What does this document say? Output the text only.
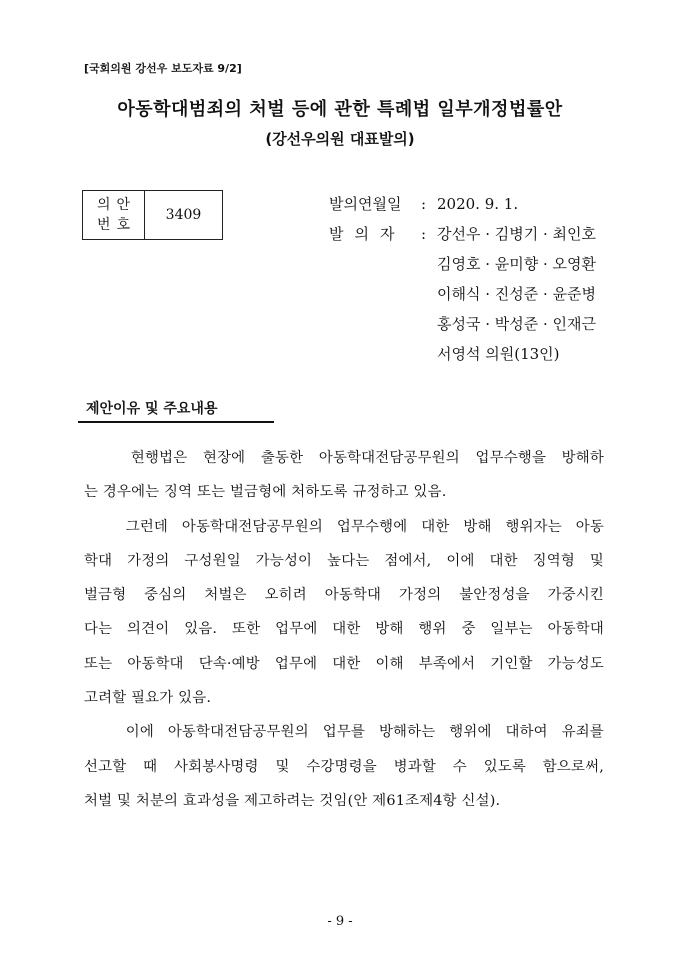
[국회의원 강선우 보도자료 9/2]
아동학대범죄의 처벌 등에 관한 특례법 일부개정법률안
(강선우의원 대표발의)
의안
번호
3409
발의연월일 : 2020. 9. 1.
발의자 : 강선우 · 김병기 · 최인호
김영호 · 윤미향 · 오영환
이해식 · 진성준 · 윤준병
홍성국 · 박성준 · 인재근
서영석 의원(13인)
제안이유 및 주요내용
현행법은 현장에 출동한 아동학대전담공무원의 업무수행을 방해하
는 경우에는 징역 또는 벌금형에 처하도록 규정하고 있음.
그런데 아동학대전담공무원의 업무수행에 대한 방해 행위자는 아동
학대 가정의 구성원일 가능성이 높다는 점에서, 이에 대한 징역형 및
벌금형 중심의 처벌은 오히려 아동학대 가정의 불안정성을 가중시킨
다는 의견이 있음. 또한 업무에 대한 방해 행위 중 일부는 아동학대
또는 아동학대 단속·예방 업무에 대한 이해 부족에서 기인할 가능성도
고려할 필요가 있음.
이에 아동학대전담공무원의 업무를 방해하는 행위에 대하여 유죄를
선고할 때 사회봉사명령 및 수강명령을 병과할 수 있도록 함으로써,
처벌 및 처분의 효과성을 제고하려는 것임(안 제61조제4항 신설).
- 9 -
